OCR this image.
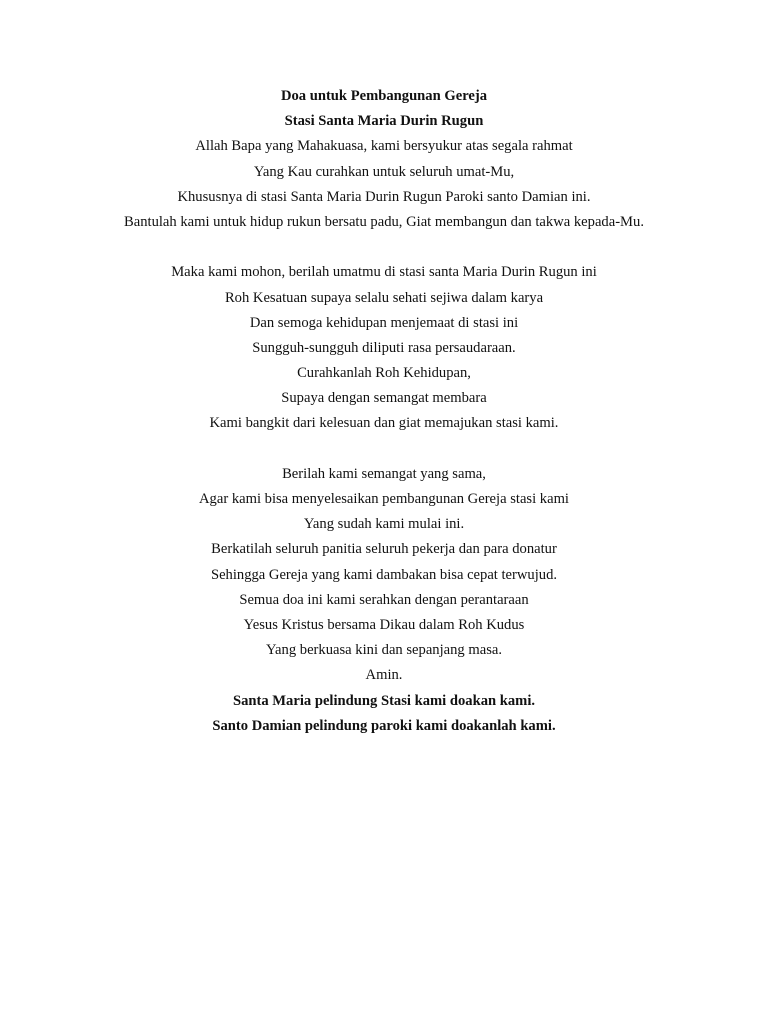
Doa untuk Pembangunan Gereja
Stasi Santa Maria Durin Rugun
Allah Bapa yang Mahakuasa, kami bersyukur atas segala rahmat
Yang Kau curahkan untuk seluruh umat-Mu,
Khususnya di stasi Santa Maria Durin Rugun Paroki santo Damian ini.
Bantulah kami untuk hidup rukun bersatu padu, Giat membangun dan takwa kepada-Mu.
Maka kami mohon, berilah umatmu di stasi santa Maria Durin Rugun ini
Roh Kesatuan supaya selalu sehati sejiwa dalam karya
Dan semoga kehidupan menjemaat di stasi ini
Sungguh-sungguh diliputi rasa persaudaraan.
Curahkanlah Roh Kehidupan,
Supaya dengan semangat membara
Kami bangkit dari kelesuan dan giat memajukan stasi kami.
Berilah kami semangat yang sama,
Agar kami bisa menyelesaikan pembangunan Gereja stasi kami
Yang sudah kami mulai ini.
Berkatilah seluruh panitia seluruh pekerja dan para donatur
Sehingga Gereja yang kami dambakan bisa cepat terwujud.
Semua doa ini kami serahkan dengan perantaraan
Yesus Kristus bersama Dikau dalam Roh Kudus
Yang berkuasa kini dan sepanjang masa.
Amin.
Santa Maria pelindung Stasi kami doakan kami.
Santo Damian pelindung paroki kami doakanlah kami.
